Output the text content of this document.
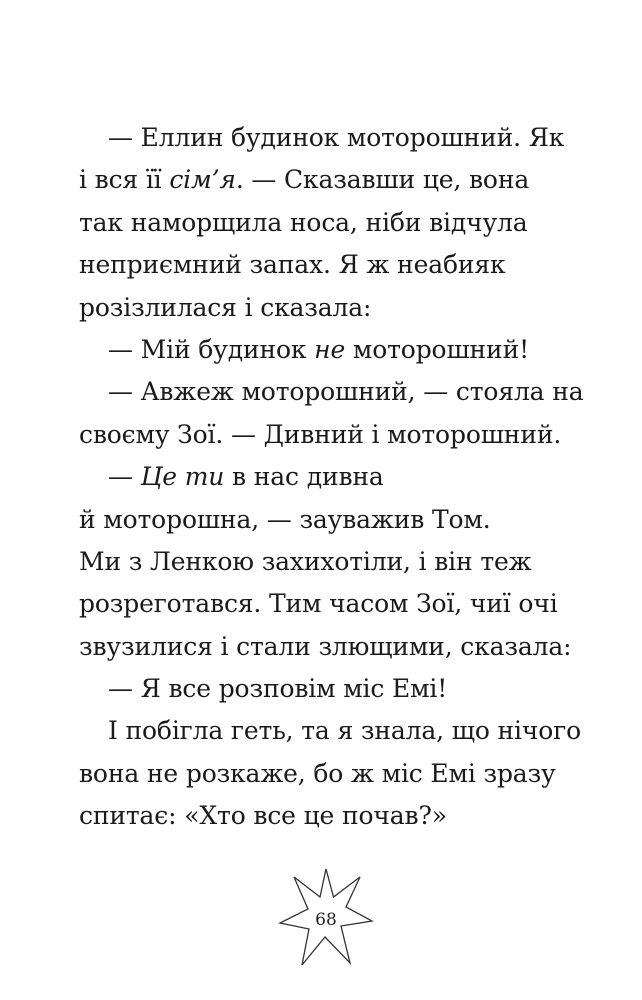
— Еллин будинок моторошний. Як
і вся її сім’я. — Сказавши це, вона
так наморщила носа, ніби відчула
неприємний запах. Я ж неабияк
розізлилася і сказала:
— Мій будинок не моторошний!
— Авжеж моторошний, — стояла на
своєму Зої. — Дивний і моторошний.
— Це ти в нас дивна
й моторошна, — зауважив Том.
Ми з Ленкою захихотіли, і він теж
розреготався. Тим часом Зої, чиї очі
звузилися і стали злющими, сказала:
— Я все розповім міс Емі!
І побігла геть, та я знала, що нічого
вона не розкаже, бо ж міс Емі зразу
спитає: «Хто все це почав?»
68
